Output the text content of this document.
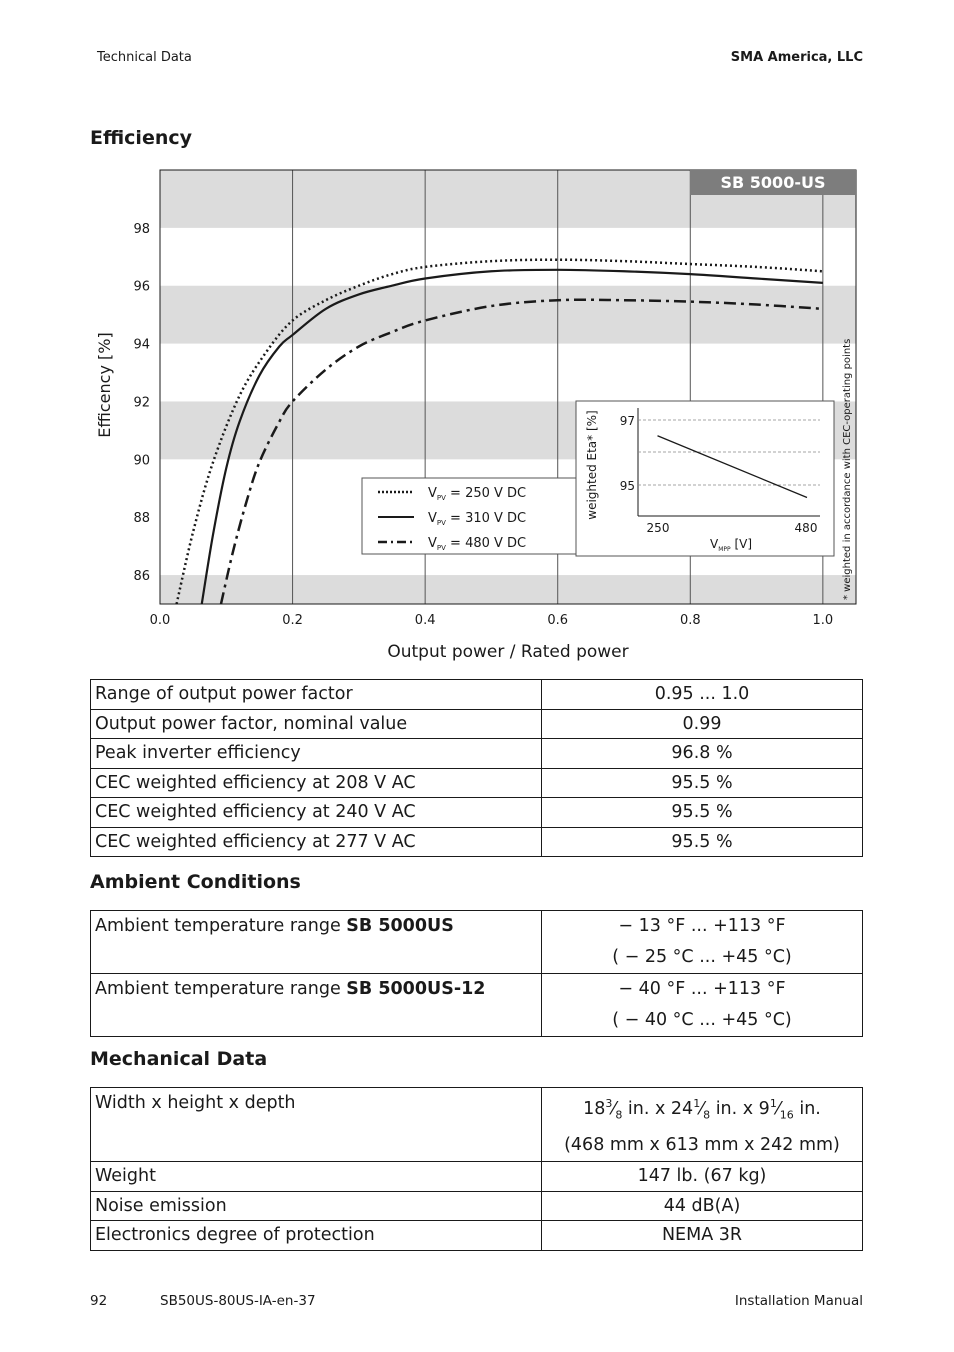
Technical Data	SMA America, LLC
Efficiency
86
88
90
92
94
96
98
0.0	0.2	0.4	0.6	0.8	1.0
Efficency [%]
Output power / Rated power
SB 5000-US
* weighted in accordance with CEC-operating points
$V_{PV} = 250$ V DC
$V_{PV} = 310$ V DC
$V_{PV} = 480$ V DC
97
95
250	480
weighted Eta* [%]
$V_{MPP}$ [V]
Range of output power factor	0.95 ... 1.0
Output power factor, nominal value	0.99
Peak inverter efficiency	96.8 %
CEC weighted efficiency at 208 V AC	95.5 %
CEC weighted efficiency at 240 V AC	95.5 %
CEC weighted efficiency at 277 V AC	95.5 %
Ambient Conditions
Ambient temperature range SB 5000US	− 13 °F ... +113 °F
( − 25 °C ... +45 °C)

Ambient temperature range SB 5000US-12	− 40 °F ... +113 °F
( − 40 °C ... +45 °C)
Mechanical Data
Width x height x depth	$18^3⁄_8$ in. x $24^1⁄_8$ in. x $9^1⁄_{16}$ in.
(468 mm x 613 mm x 242 mm)

Weight	147 lb. (67 kg)
Noise emission	44 dB(A)
Electronics degree of protection	NEMA 3R
92	SB50US-80US-IA-en-37	Installation Manual
